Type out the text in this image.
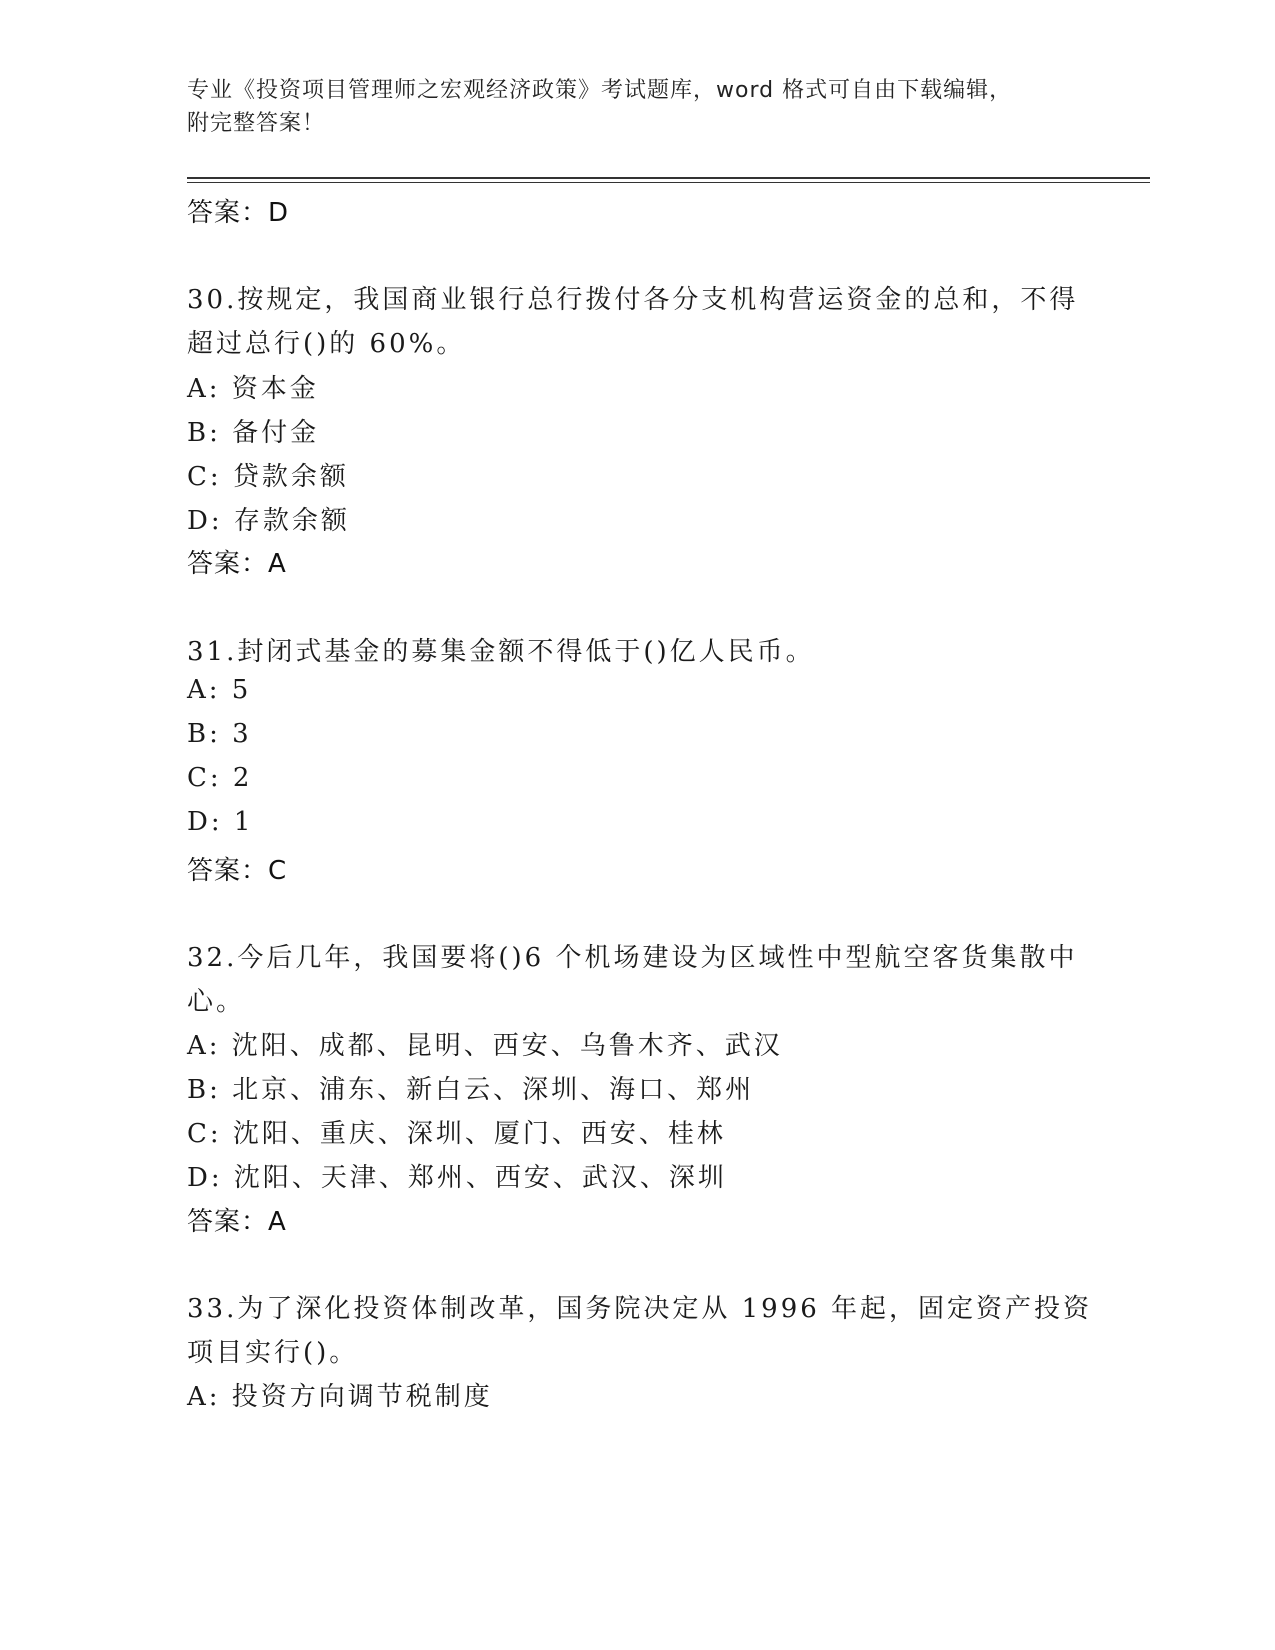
专业《投资项目管理师之宏观经济政策》考试题库，word 格式可自由下载编辑，
附完整答案！
答案：D
30.按规定，我国商业银行总行拨付各分支机构营运资金的总和，不得
超过总行()的 60%。
A: 资本金
B: 备付金
C: 贷款余额
D: 存款余额
答案：A
31.封闭式基金的募集金额不得低于()亿人民币。
A: 5
B: 3
C: 2
D: 1
答案：C
32.今后几年，我国要将()6 个机场建设为区域性中型航空客货集散中
心。
A: 沈阳、成都、昆明、西安、乌鲁木齐、武汉
B: 北京、浦东、新白云、深圳、海口、郑州
C: 沈阳、重庆、深圳、厦门、西安、桂林
D: 沈阳、天津、郑州、西安、武汉、深圳
答案：A
33.为了深化投资体制改革，国务院决定从 1996 年起，固定资产投资
项目实行()。
A: 投资方向调节税制度
